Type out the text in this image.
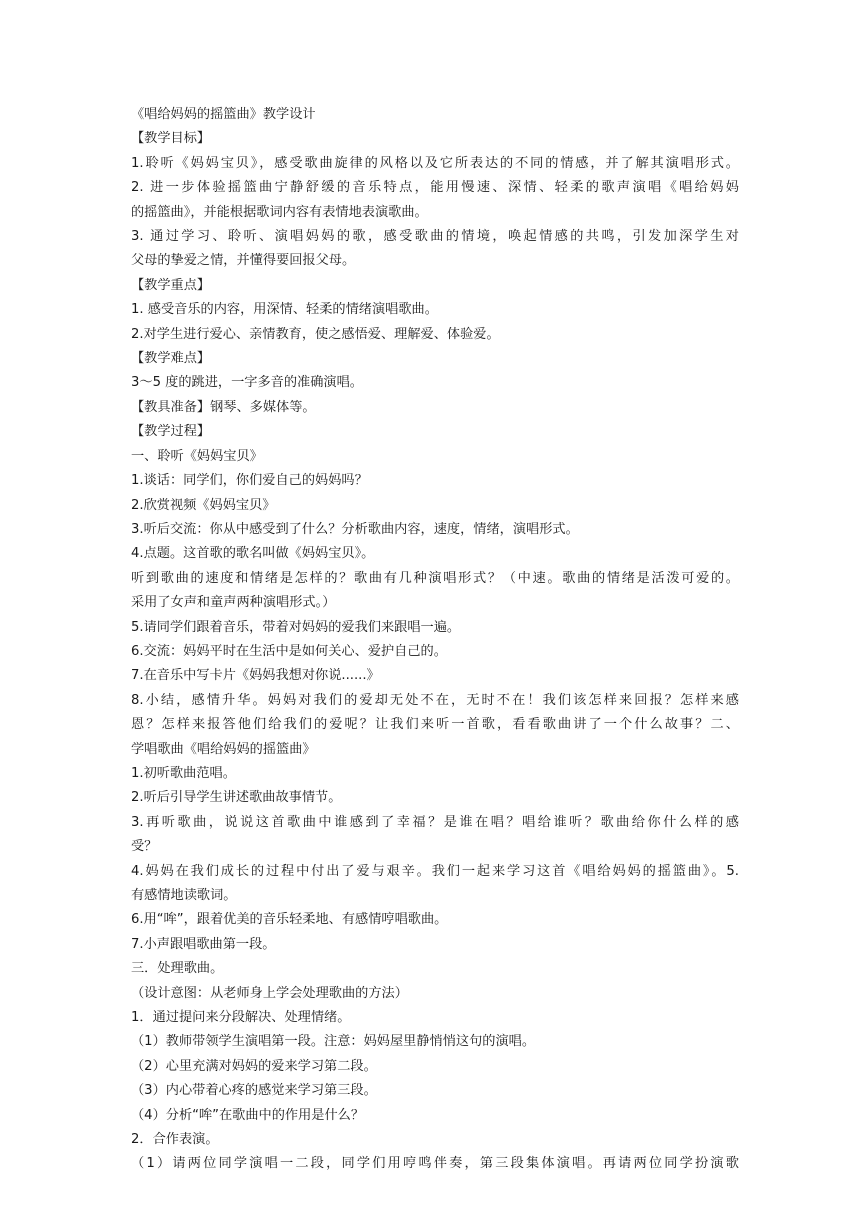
《唱给妈妈的摇篮曲》教学设计
【教学目标】
1.聆听《妈妈宝贝》，感受歌曲旋律的风格以及它所表达的不同的情感，并了解其演唱形式。
2. 进一步体验摇篮曲宁静舒缓的音乐特点，能用慢速、深情、轻柔的歌声演唱《唱给妈妈
的摇篮曲》，并能根据歌词内容有表情地表演歌曲。
3. 通过学习、聆听、演唱妈妈的歌，感受歌曲的情境，唤起情感的共鸣，引发加深学生对
父母的挚爱之情，并懂得要回报父母。
【教学重点】
1. 感受音乐的内容，用深情、轻柔的情绪演唱歌曲。
2.对学生进行爱心、亲情教育，使之感悟爱、理解爱、体验爱。
【教学难点】
3～5 度的跳进，一字多音的准确演唱。
【教具准备】钢琴、多媒体等。
【教学过程】
一、聆听《妈妈宝贝》
1.谈话：同学们，你们爱自己的妈妈吗？
2.欣赏视频《妈妈宝贝》
3.听后交流：你从中感受到了什么？分析歌曲内容，速度，情绪，演唱形式。
4.点题。这首歌的歌名叫做《妈妈宝贝》。
听到歌曲的速度和情绪是怎样的？歌曲有几种演唱形式？（中速。歌曲的情绪是活泼可爱的。
采用了女声和童声两种演唱形式。）
5.请同学们跟着音乐，带着对妈妈的爱我们来跟唱一遍。
6.交流：妈妈平时在生活中是如何关心、爱护自己的。
7.在音乐中写卡片《妈妈我想对你说......》
8.小结，感情升华。妈妈对我们的爱却无处不在，无时不在！我们该怎样来回报？怎样来感
恩？怎样来报答他们给我们的爱呢？让我们来听一首歌，看看歌曲讲了一个什么故事？二、
学唱歌曲《唱给妈妈的摇篮曲》
1.初听歌曲范唱。
2.听后引导学生讲述歌曲故事情节。
3.再听歌曲，说说这首歌曲中谁感到了幸福？是谁在唱？唱给谁听？歌曲给你什么样的感
受？
4.妈妈在我们成长的过程中付出了爱与艰辛。我们一起来学习这首《唱给妈妈的摇篮曲》。5.
有感情地读歌词。
6.用“哞”，跟着优美的音乐轻柔地、有感情哼唱歌曲。
7.小声跟唱歌曲第一段。
三．处理歌曲。
（设计意图：从老师身上学会处理歌曲的方法）
1．通过提问来分段解决、处理情绪。
（1）教师带领学生演唱第一段。注意：妈妈屋里静悄悄这句的演唱。
（2）心里充满对妈妈的爱来学习第二段。
（3）内心带着心疼的感觉来学习第三段。
（4）分析“哞”在歌曲中的作用是什么？
2．合作表演。
（1）请两位同学演唱一二段，同学们用哼鸣伴奏，第三段集体演唱。再请两位同学扮演歌
